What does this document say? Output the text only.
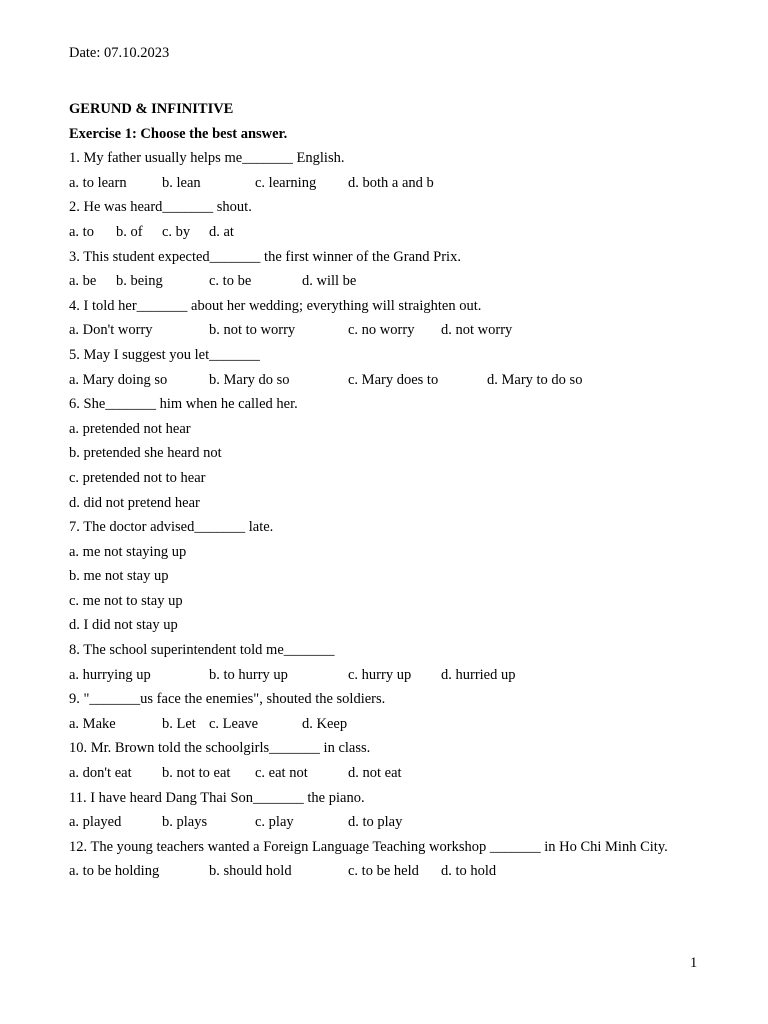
Date: 07.10.2023
GERUND & INFINITIVE
Exercise 1: Choose the best answer.
1. My father usually helps me_______ English.
a. to learn b. lean	c. learning d. both a and b
2. He was heard_______ shout.
a. to b. of c. by d. at
3. This student expected_______ the first winner of the Grand Prix.
a. be b. being	c. to be	d. will be
4. I told her_______ about her wedding; everything will straighten out.
a. Don't worry	b. not to worry	c. no worry d. not worry
5. May I suggest you let_______
a. Mary doing so	b. Mary do so	c. Mary does to	d. Mary to do so
6. She_______ him when he called her.
a. pretended not hear
b. pretended she heard not
c. pretended not to hear
d. did not pretend hear
7. The doctor advised_______ late.
a. me not staying up
b. me not stay up
c. me not to stay up
d. I did not stay up
8. The school superintendent told me_______
a. hurrying up	b. to hurry up	c. hurry up d. hurried up
9. "_______us face the enemies", shouted the soldiers.
a. Make	b. Let c. Leave	d. Keep
10. Mr. Brown told the schoolgirls_______ in class.
a. don't eat b. not to eat c. eat not	d. not eat
11. I have heard Dang Thai Son_______ the piano.
a. played	b. plays	c. play	d. to play
12. The young teachers wanted a Foreign Language Teaching workshop _______ in Ho Chi Minh City.
a. to be holding	b. should hold	c. to be held d. to hold
1
